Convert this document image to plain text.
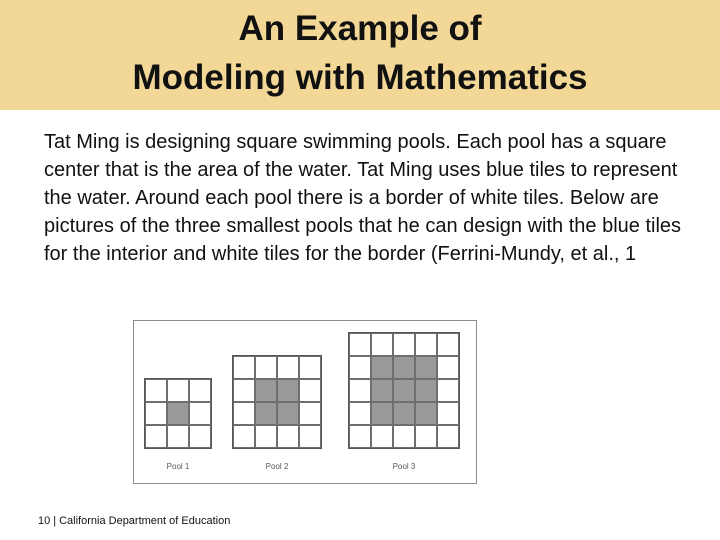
An Example of
Modeling with Mathematics

Tat Ming is designing square swimming pools. Each pool has a square center that is the area of the water. Tat Ming uses blue tiles to represent the water. Around each pool there is a border of white tiles. Below are pictures of the three smallest pools that he can design with the blue tiles for the interior and white tiles for the border (Ferrini-Mundy, et al., 1

Pool 1	Pool 2	Pool 3
10 | California Department of Education
